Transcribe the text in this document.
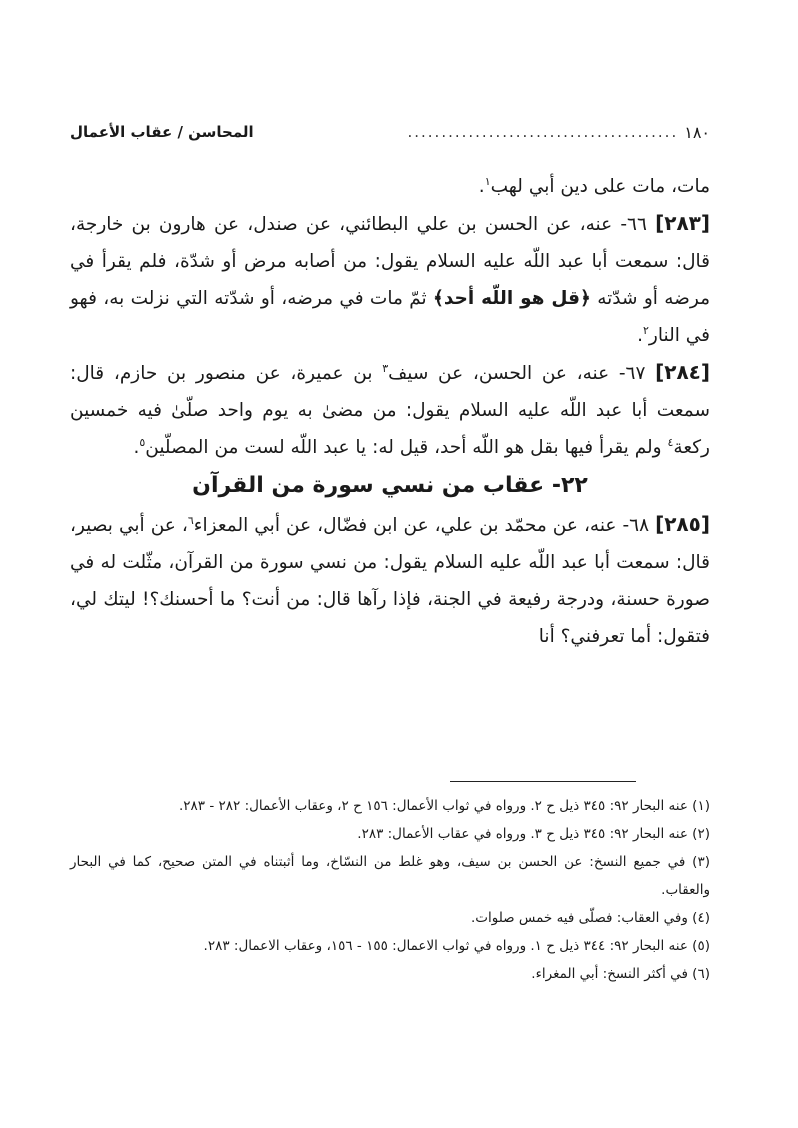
١٨٠
........................................
المحاسن / عقاب الأعمال

مات، مات على دين أبي لهب$^١$.

[٢٨٣] ٦٦- عنه، عن الحسن بن علي البطائني، عن صندل، عن هارون بن خارجة، قال: سمعت أبا عبد اللّه عليه السلام يقول: من أصابه مرض أو شدّة، فلم يقرأ في مرضه أو شدّته ﴿قل هو اللّه أحد﴾ ثمّ مات في مرضه، أو شدّته التي نزلت به، فهو في النار$^٢$.

[٢٨٤] ٦٧- عنه، عن الحسن، عن سيف$^٣$ بن عميرة، عن منصور بن حازم، قال: سمعت أبا عبد اللّه عليه السلام يقول: من مضىٰ به يوم واحد صلّىٰ فيه خمسين ركعة$^٤$ ولم يقرأ فيها بقل هو اللّه أحد، قيل له: يا عبد اللّه لست من المصلّين$^٥$.

٢٢- عقاب من نسي سورة من القرآن

[٢٨٥] ٦٨- عنه، عن محمّد بن علي، عن ابن فضّال، عن أبي المعزاء$^٦$، عن أبي بصير، قال: سمعت أبا عبد اللّه عليه السلام يقول: من نسي سورة من القرآن، مثّلت له في صورة حسنة، ودرجة رفيعة في الجنة، فإذا رآها قال: من أنت؟ ما أحسنك؟! ليتك لي، فتقول: أما تعرفني؟ أنا

(١) عنه البحار ٩٢: ٣٤٥ ذيل ح ٢. ورواه في ثواب الأعمال: ١٥٦ ح ٢، وعقاب الأعمال: ٢٨٢ - ٢٨٣.

(٢) عنه البحار ٩٢: ٣٤٥ ذيل ح ٣. ورواه في عقاب الأعمال: ٢٨٣.

(٣) في جميع النسخ: عن الحسن بن سيف، وهو غلط من النسّاخ، وما أثبتناه في المتن صحيح، كما في البحار والعقاب.

(٤) وفي العقاب: فصلّى فيه خمس صلوات.

(٥) عنه البحار ٩٢: ٣٤٤ ذيل ح ١. ورواه في ثواب الاعمال: ١٥٥ - ١٥٦، وعقاب الاعمال: ٢٨٣.

(٦) في أكثر النسخ: أبي المغراء.
